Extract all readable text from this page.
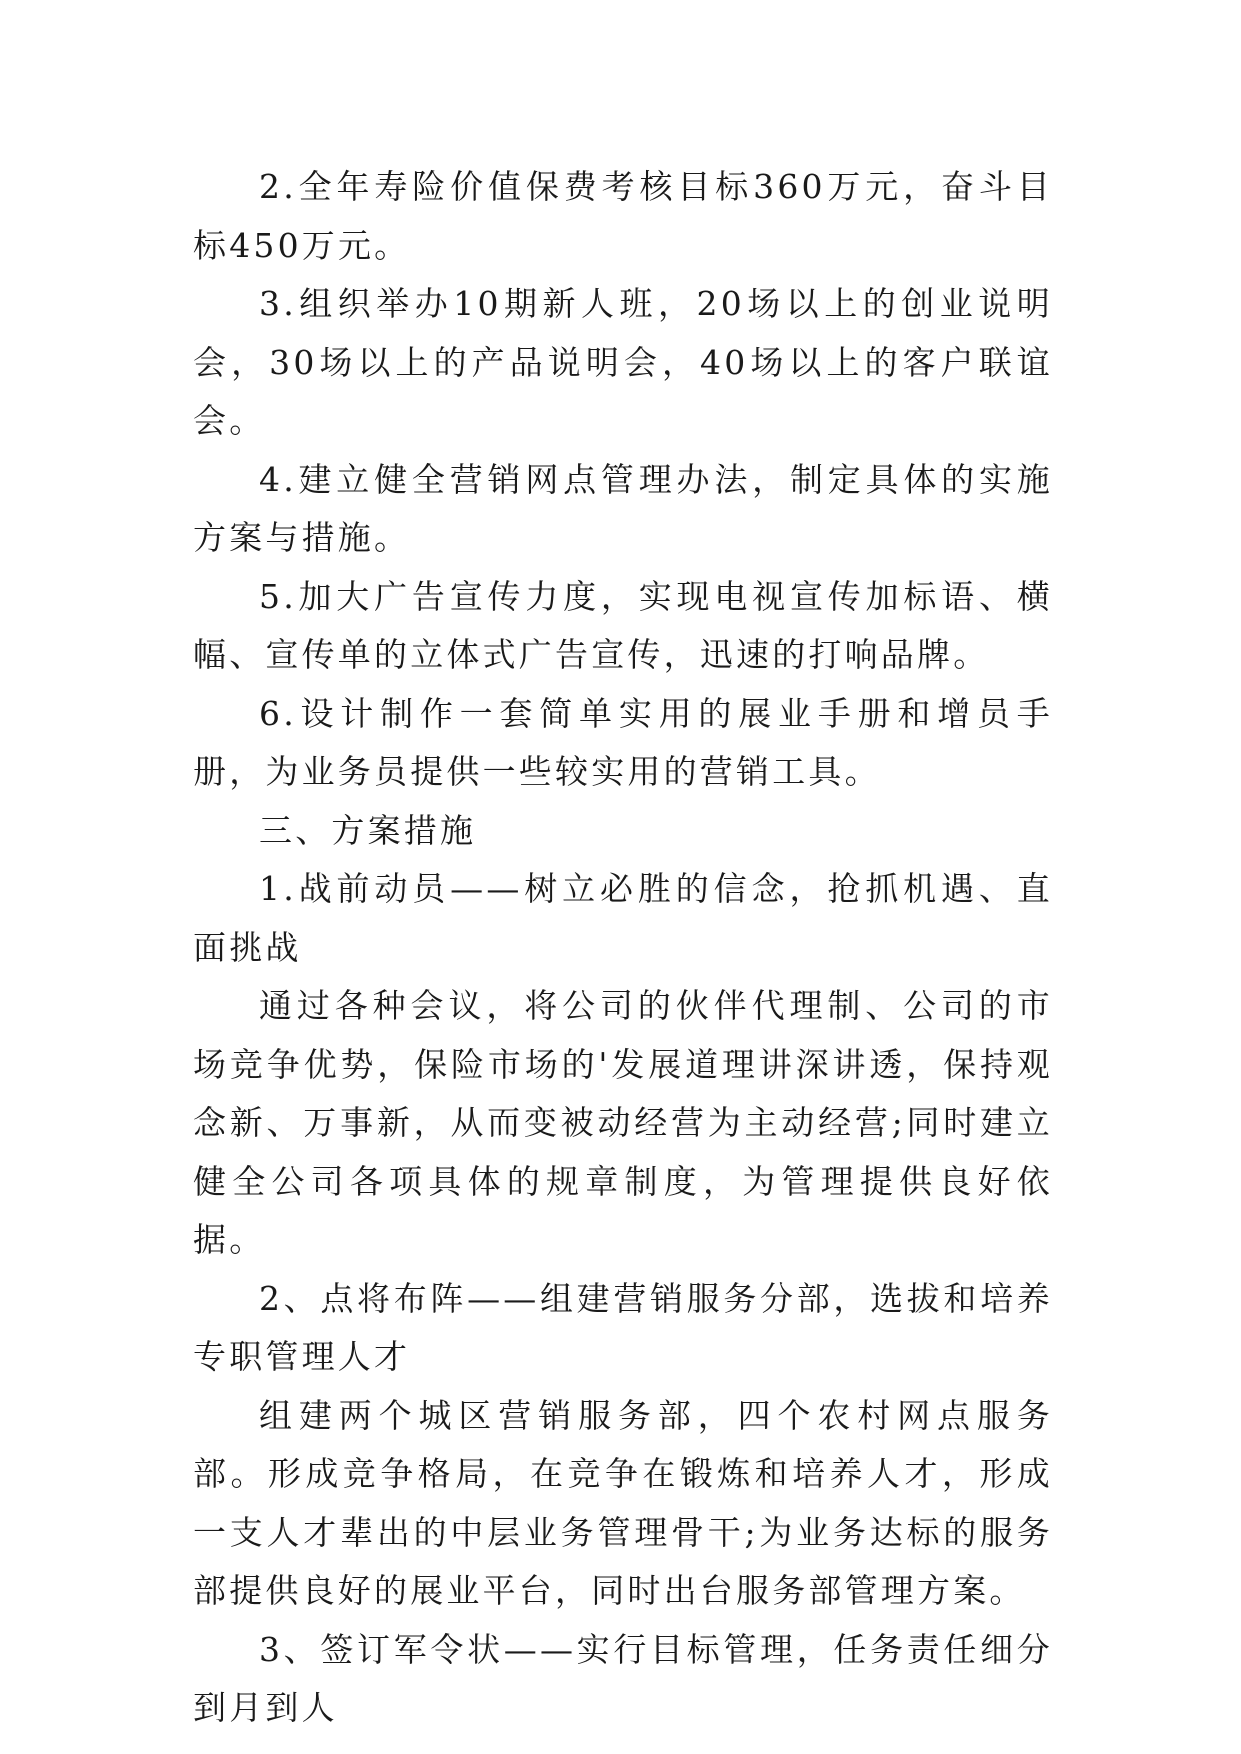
2.全年寿险价值保费考核目标360万元，奋斗目标450万元。

3.组织举办10期新人班，20场以上的创业说明会，30场以上的产品说明会，40场以上的客户联谊会。

4.建立健全营销网点管理办法，制定具体的实施方案与措施。

5.加大广告宣传力度，实现电视宣传加标语、横幅、宣传单的立体式广告宣传，迅速的打响品牌。

6.设计制作一套简单实用的展业手册和增员手册，为业务员提供一些较实用的营销工具。

三、方案措施

1.战前动员——树立必胜的信念，抢抓机遇、直面挑战

通过各种会议，将公司的伙伴代理制、公司的市场竞争优势，保险市场的'发展道理讲深讲透，保持观念新、万事新，从而变被动经营为主动经营;同时建立健全公司各项具体的规章制度，为管理提供良好依据。

2、点将布阵——组建营销服务分部，选拔和培养专职管理人才

组建两个城区营销服务部，四个农村网点服务部。形成竞争格局，在竞争在锻炼和培养人才，形成一支人才辈出的中层业务管理骨干;为业务达标的服务部提供良好的展业平台，同时出台服务部管理方案。

3、签订军令状——实行目标管理，任务责任细分到月到人
